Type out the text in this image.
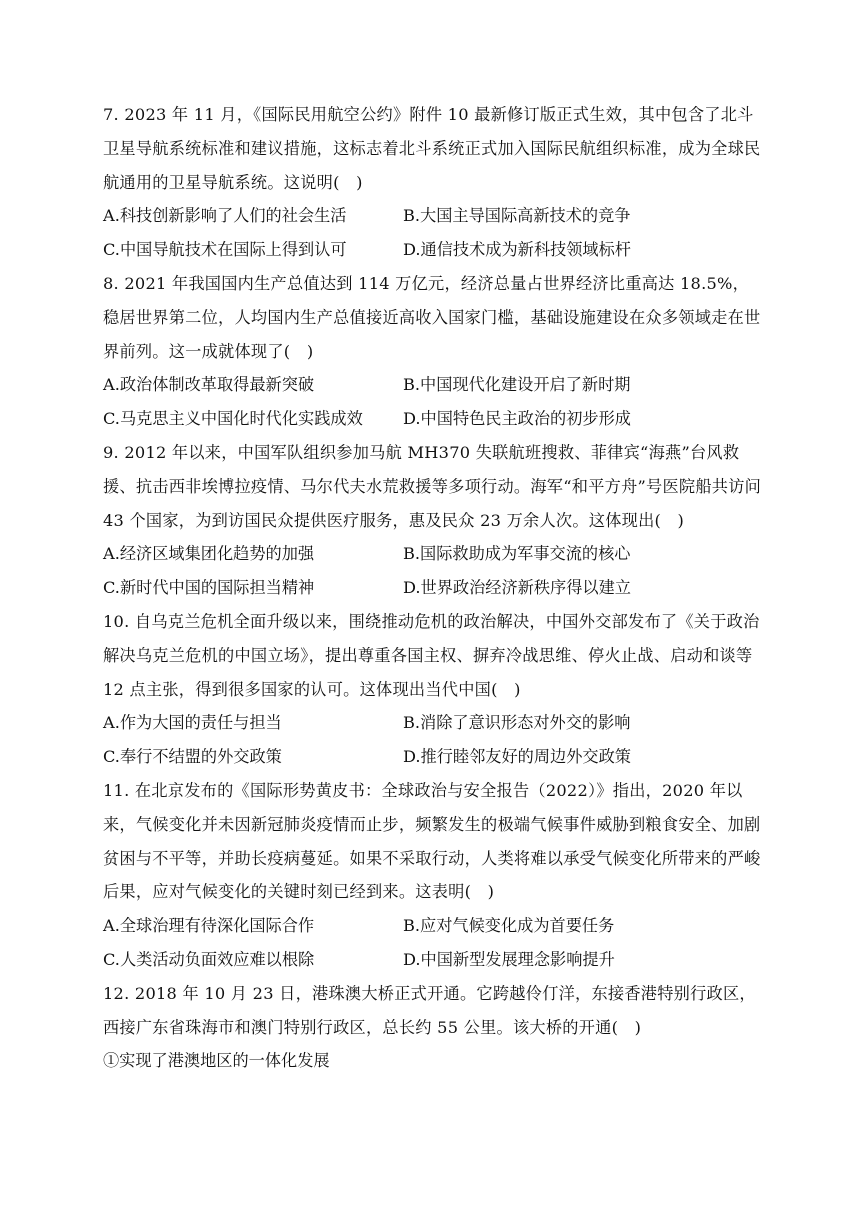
7. 2023 年 11 月，《国际民用航空公约》附件 10 最新修订版正式生效，其中包含了北斗卫星导航系统标准和建议措施，这标志着北斗系统正式加入国际民航组织标准，成为全球民航通用的卫星导航系统。这说明(　)

A.科技创新影响了人们的社会生活	B.大国主导国际高新技术的竞争
C.中国导航技术在国际上得到认可	D.通信技术成为新科技领域标杆

8. 2021 年我国国内生产总值达到 114 万亿元，经济总量占世界经济比重高达 18.5%，稳居世界第二位，人均国内生产总值接近高收入国家门槛，基础设施建设在众多领域走在世界前列。这一成就体现了(　)

A.政治体制改革取得最新突破	B.中国现代化建设开启了新时期
C.马克思主义中国化时代化实践成效	D.中国特色民主政治的初步形成

9. 2012 年以来，中国军队组织参加马航 MH370 失联航班搜救、菲律宾“海燕”台风救援、抗击西非埃博拉疫情、马尔代夫水荒救援等多项行动。海军“和平方舟”号医院船共访问 43 个国家，为到访国民众提供医疗服务，惠及民众 23 万余人次。这体现出(　)

A.经济区域集团化趋势的加强	B.国际救助成为军事交流的核心
C.新时代中国的国际担当精神	D.世界政治经济新秩序得以建立

10. 自乌克兰危机全面升级以来，围绕推动危机的政治解决，中国外交部发布了《关于政治解决乌克兰危机的中国立场》，提出尊重各国主权、摒弃冷战思维、停火止战、启动和谈等 12 点主张，得到很多国家的认可。这体现出当代中国(　)

A.作为大国的责任与担当	B.消除了意识形态对外交的影响
C.奉行不结盟的外交政策	D.推行睦邻友好的周边外交政策

11. 在北京发布的《国际形势黄皮书：全球政治与安全报告（2022）》指出，2020 年以来，气候变化并未因新冠肺炎疫情而止步，频繁发生的极端气候事件威胁到粮食安全、加剧贫困与不平等，并助长疫病蔓延。如果不采取行动，人类将难以承受气候变化所带来的严峻后果，应对气候变化的关键时刻已经到来。这表明(　)

A.全球治理有待深化国际合作	B.应对气候变化成为首要任务
C.人类活动负面效应难以根除	D.中国新型发展理念影响提升

12. 2018 年 10 月 23 日，港珠澳大桥正式开通。它跨越伶仃洋，东接香港特别行政区，西接广东省珠海市和澳门特别行政区，总长约 55 公里。该大桥的开通(　)

①实现了港澳地区的一体化发展
